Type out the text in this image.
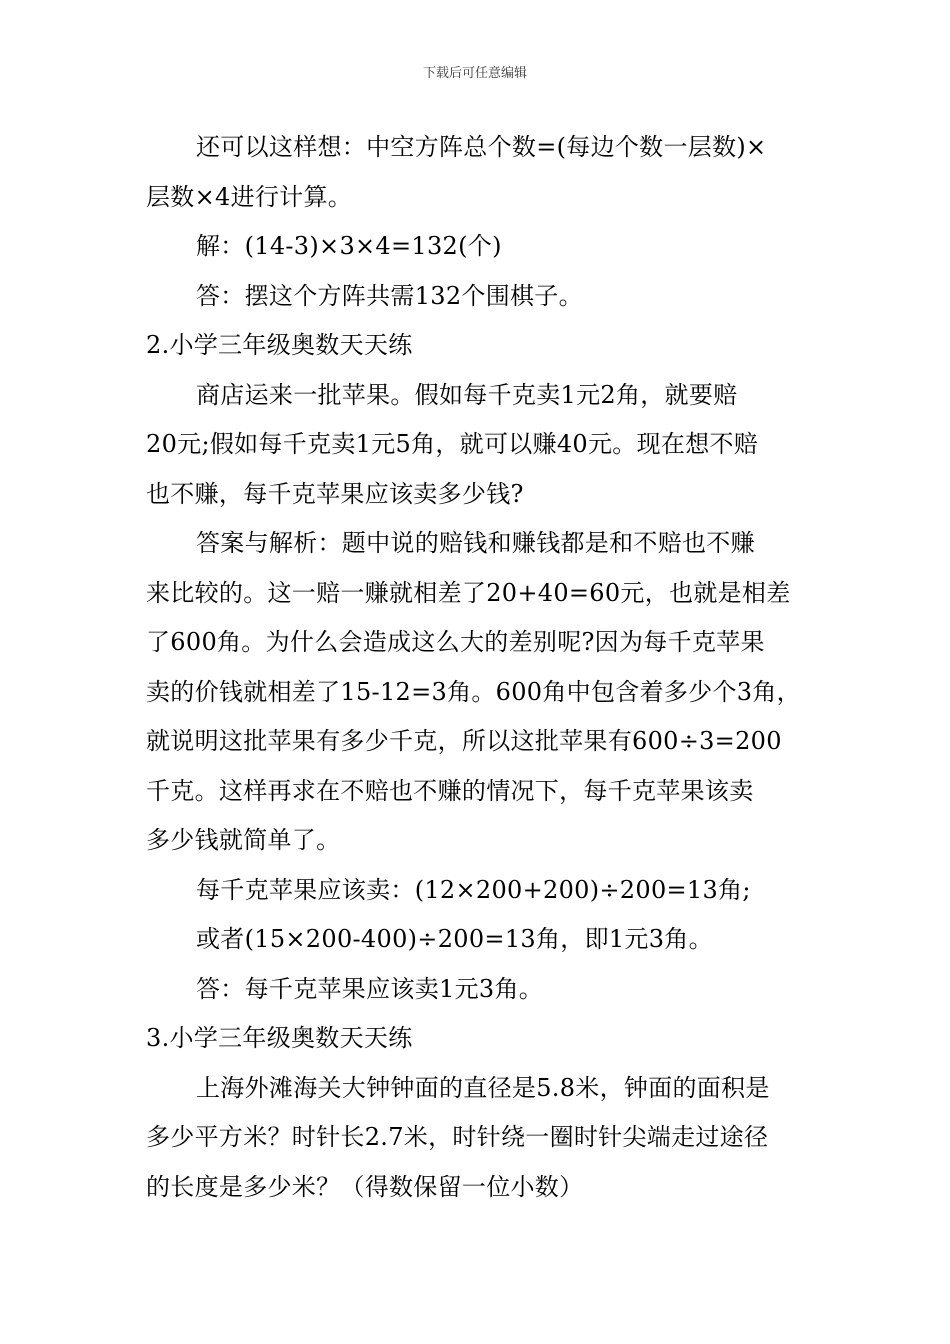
下载后可任意编辑

还可以这样想：中空方阵总个数=(每边个数一层数)×

层数×4进行计算。

解：(14-3)×3×4=132(个)

答：摆这个方阵共需132个围棋子。

2.小学三年级奥数天天练

商店运来一批苹果。假如每千克卖1元2角，就要赔

20元;假如每千克卖1元5角，就可以赚40元。现在想不赔

也不赚，每千克苹果应该卖多少钱?

答案与解析：题中说的赔钱和赚钱都是和不赔也不赚

来比较的。这一赔一赚就相差了20+40=60元，也就是相差

了600角。为什么会造成这么大的差别呢?因为每千克苹果

卖的价钱就相差了15-12=3角。600角中包含着多少个3角，

就说明这批苹果有多少千克，所以这批苹果有600÷3=200

千克。这样再求在不赔也不赚的情况下，每千克苹果该卖

多少钱就简单了。

每千克苹果应该卖：(12×200+200)÷200=13角;

或者(15×200-400)÷200=13角，即1元3角。

答：每千克苹果应该卖1元3角。

3.小学三年级奥数天天练

上海外滩海关大钟钟面的直径是5.8米，钟面的面积是

多少平方米？时针长2.7米，时针绕一圈时针尖端走过途径

的长度是多少米？（得数保留一位小数）
